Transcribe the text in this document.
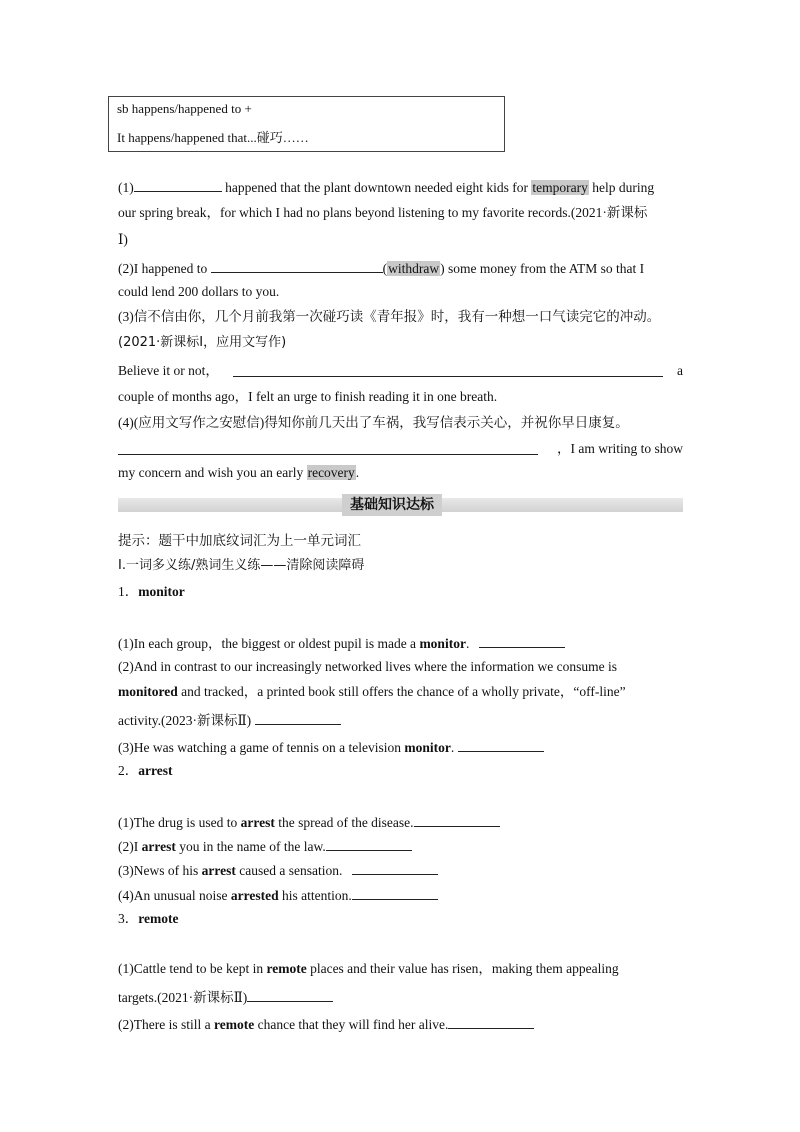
sb happens/happened to +
It happens/happened that...碰巧……
(1)	happened that the plant downtown needed eight kids for temporary help during
our spring break，for which I had no plans beyond listening to my favorite records.(2021·新课标
Ⅰ)
(2)I happened to	(withdraw) some money from the ATM so that I
could lend 200 dollars to you.
(3)信不信由你，几个月前我第一次碰巧读《青年报》时，我有一种想一口气读完它的冲动。
(2021·新课标Ⅰ，应用文写作)
Believe it or not，	a
couple of months ago，I felt an urge to finish reading it in one breath.
(4)(应用文写作之安慰信)得知你前几天出了车祸，我写信表示关心，并祝你早日康复。
，I am writing to show
my concern and wish you an early recovery.
基础知识达标
提示：题干中加底纹词汇为上一单元词汇
Ⅰ.一词多义练/熟词生义练——清除阅读障碍
1．monitor
(1)In each group，the biggest or oldest pupil is made a monitor.
(2)And in contrast to our increasingly networked lives where the information we consume is
monitored and tracked，a printed book still offers the chance of a wholly private，“off-line”
activity.(2023·新课标Ⅱ)
(3)He was watching a game of tennis on a television monitor.
2．arrest
(1)The drug is used to arrest the spread of the disease.
(2)I arrest you in the name of the law.
(3)News of his arrest caused a sensation.
(4)An unusual noise arrested his attention.
3．remote
(1)Cattle tend to be kept in remote places and their value has risen，making them appealing
targets.(2021·新课标Ⅱ)
(2)There is still a remote chance that they will find her alive.
